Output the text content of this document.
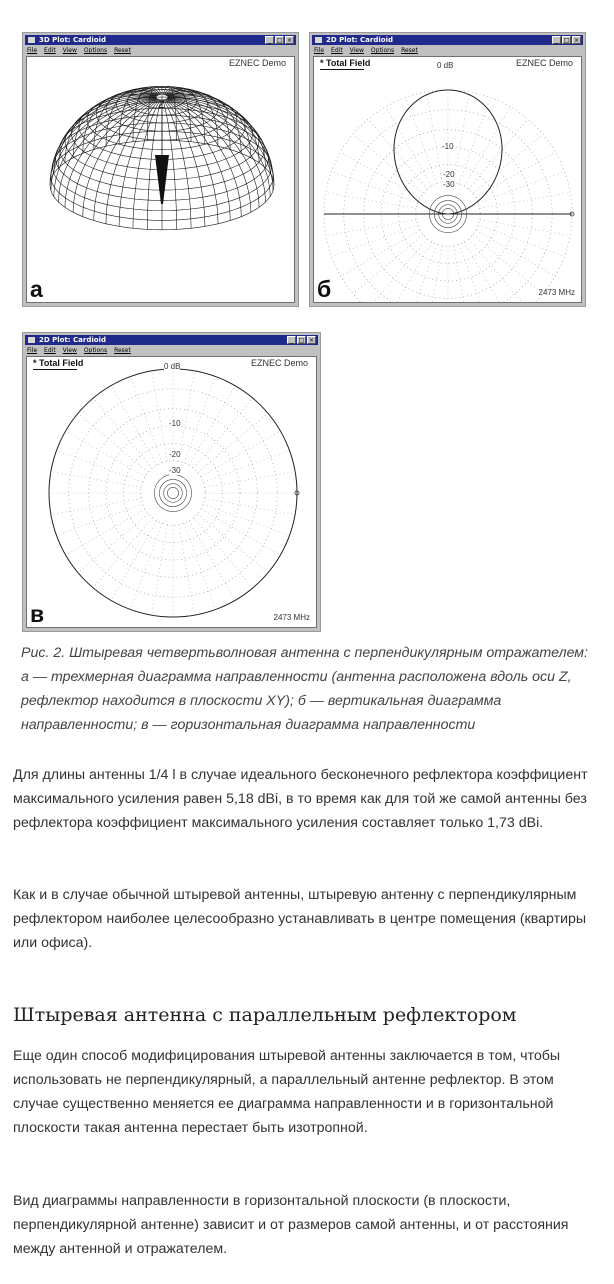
3D Plot: Cardioid	_ □ ×
File Edit View Options Reset
EZNEC Demo
Z
а
2D Plot: Cardioid	_ □ ×
File Edit View Options Reset
* Total Field	EZNEC Demo
0 dB
-10
-20
-30
2473 MHz
б
2D Plot: Cardioid	_ □ ×
File Edit View Options Reset
* Total Field	EZNEC Demo
0 dB
-10
-20
-30
2473 MHz
в

Рис. 2. Штыревая четвертьволновая антенна с перпендикулярным отражателем: а — трехмерная диаграмма направленности (антенна расположена вдоль оси Z, рефлектор находится в плоскости XY); б — вертикальная диаграмма направленности; в — горизонтальная диаграмма направленности

Для длины антенны 1/4 l в случае идеального бесконечного рефлектора коэффициент максимального усиления равен 5,18 dBi, в то время как для той же самой антенны без рефлектора коэффициент максимального усиления составляет только 1,73 dBi.

Как и в случае обычной штыревой антенны, штыревую антенну с перпендикулярным рефлектором наиболее целесообразно устанавливать в центре помещения (квартиры или офиса).

Штыревая антенна с параллельным рефлектором

Еще один способ модифицирования штыревой антенны заключается в том, чтобы использовать не перпендикулярный, а параллельный антенне рефлектор. В этом случае существенно меняется ее диаграмма направленности и в горизонтальной плоскости такая антенна перестает быть изотропной.

Вид диаграммы направленности в горизонтальной плоскости (в плоскости, перпендикулярной антенне) зависит и от размеров самой антенны, и от расстояния между антенной и отражателем.
